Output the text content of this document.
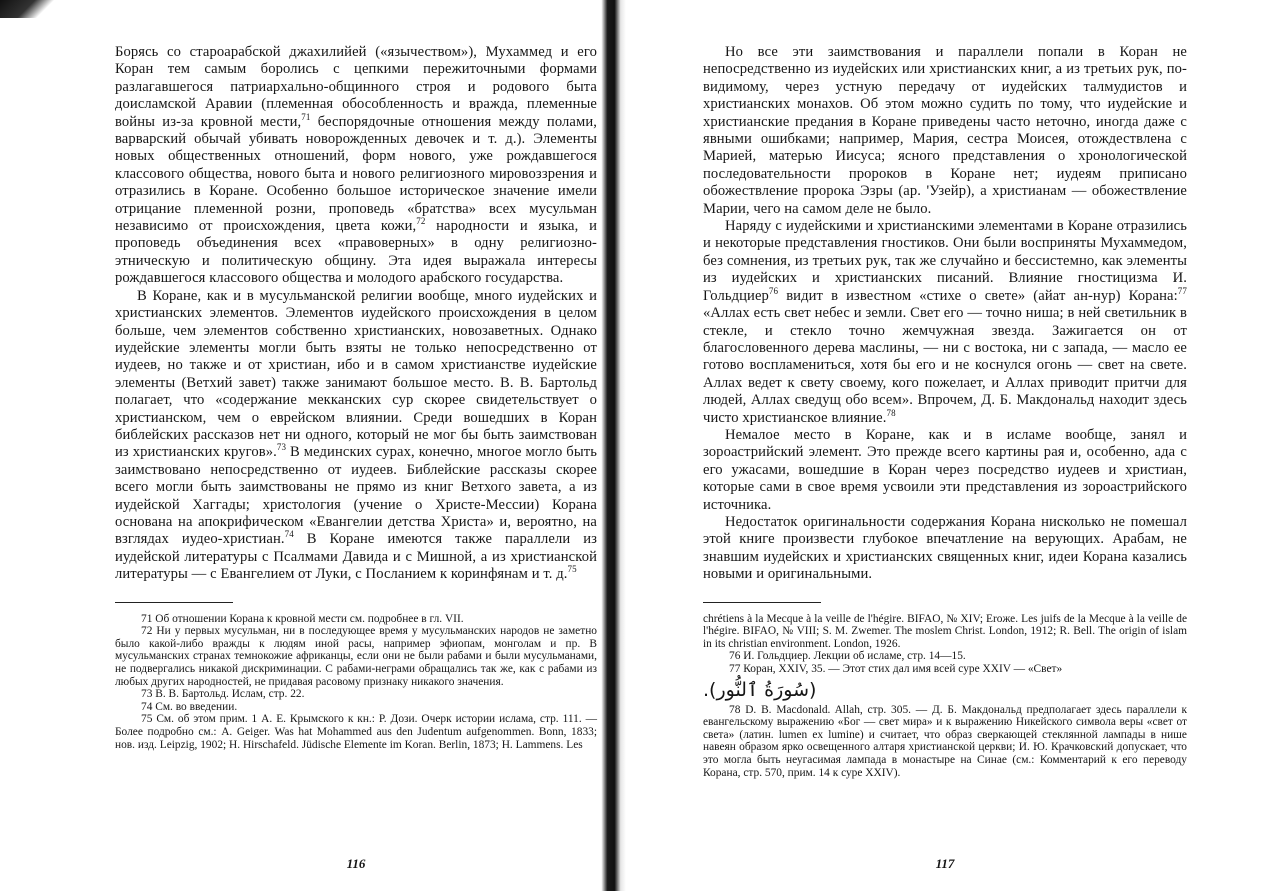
Борясь со староарабской джахилийей («язычеством»), Мухаммед и его Коран тем самым боролись с цепкими пережиточными формами разлагавшегося патриархально-общинного строя и родового быта доисламской Аравии (племенная обособленность и вражда, племенные войны из-за кровной мести,$^{71}$ беспорядочные отношения между полами, варварский обычай убивать новорожденных девочек и т. д.). Элементы новых общественных отношений, форм нового, уже рождавшегося классового общества, нового быта и нового религиозного мировоззрения и отразились в Коране. Особенно большое историческое значение имели отрицание племенной розни, проповедь «братства» всех мусульман независимо от происхождения, цвета кожи,$^{72}$ народности и языка, и проповедь объединения всех «правоверных» в одну религиозно-этническую и политическую общину. Эта идея выражала интересы рождавшегося классового общества и молодого арабского государства.

В Коране, как и в мусульманской религии вообще, много иудейских и христианских элементов. Элементов иудейского происхождения в целом больше, чем элементов собственно христианских, новозаветных. Однако иудейские элементы могли быть взяты не только непосредственно от иудеев, но также и от христиан, ибо и в самом христианстве иудейские элементы (Ветхий завет) также занимают большое место. В. В. Бартольд полагает, что «содержание мекканских сур скорее свидетельствует о христианском, чем о еврейском влиянии. Среди вошедших в Коран библейских рассказов нет ни одного, который не мог бы быть заимствован из христианских кругов».$^{73}$ В мединских сурах, конечно, многое могло быть заимствовано непосредственно от иудеев. Библейские рассказы скорее всего могли быть заимствованы не прямо из книг Ветхого завета, а из иудейской Хаггады; христология (учение о Христе-Мессии) Корана основана на апокрифическом «Евангелии детства Христа» и, вероятно, на взглядах иудео-христиан.$^{74}$ В Коране имеются также параллели из иудейской литературы с Псалмами Давида и с Мишной, а из христианской литературы — с Евангелием от Луки, с Посланием к коринфянам и т. д.$^{75}$

71 Об отношении Корана к кровной мести см. подробнее в гл. VII.

72 Ни у первых мусульман, ни в последующее время у мусульманских народов не заметно было какой-либо вражды к людям иной расы, например эфиопам, монголам и пр. В мусульманских странах темнокожие африканцы, если они не были рабами и были мусульманами, не подвергались никакой дискриминации. С рабами-неграми обращались так же, как с рабами из любых других народностей, не придавая расовому признаку никакого значения.

73 В. В. Бартольд. Ислам, стр. 22.

74 См. во введении.

75 См. об этом прим. 1 А. Е. Крымского к кн.: Р. Дози. Очерк истории ислама, стр. 111. — Более подробно см.: A. Geiger. Was hat Mohammed aus den Judentum aufgenommen. Bonn, 1833; нов. изд. Leipzig, 1902; H. Hirschafeld. Jüdische Elemente im Koran. Berlin, 1873; H. Lammens. Les

116

Но все эти заимствования и параллели попали в Коран не непосредственно из иудейских или христианских книг, а из третьих рук, по-видимому, через устную передачу от иудейских талмудистов и христианских монахов. Об этом можно судить по тому, что иудейские и христианские предания в Коране приведены часто неточно, иногда даже с явными ошибками; например, Мария, сестра Моисея, отождествлена с Марией, матерью Иисуса; ясного представления о хронологической последовательности пророков в Коране нет; иудеям приписано обожествление пророка Эзры (ар. 'Узейр), а христианам — обожествление Марии, чего на самом деле не было.

Наряду с иудейскими и христианскими элементами в Коране отразились и некоторые представления гностиков. Они были восприняты Мухаммедом, без сомнения, из третьих рук, так же случайно и бессистемно, как элементы из иудейских и христианских писаний. Влияние гностицизма И. Гольдциер$^{76}$ видит в известном «стихе о свете» (айат ан-нур) Корана:$^{77}$ «Аллах есть свет небес и земли. Свет его — точно ниша; в ней светильник в стекле, и стекло точно жемчужная звезда. Зажигается он от благословенного дерева маслины, — ни с востока, ни с запада, — масло ее готово воспламениться, хотя бы его и не коснулся огонь — свет на свете. Аллах ведет к свету своему, кого пожелает, и Аллах приводит притчи для людей, Аллах сведущ обо всем». Впрочем, Д. Б. Макдональд находит здесь чисто христианское влияние.$^{78}$

Немалое место в Коране, как и в исламе вообще, занял и зороастрийский элемент. Это прежде всего картины рая и, особенно, ада с его ужасами, вошедшие в Коран через посредство иудеев и христиан, которые сами в свое время усвоили эти представления из зороастрийского источника.

Недостаток оригинальности содержания Корана нисколько не помешал этой книге произвести глубокое впечатление на верующих. Арабам, не знавшим иудейских и христианских священных книг, идеи Корана казались новыми и оригинальными.

chrétiens à la Mecque à la veille de l'hégire. BIFAO, № XIV; Eroже. Les juifs de la Mecque à la veille de l'hégire. BIFAO, № VIII; S. M. Zwemer. The moslem Christ. London, 1912; R. Bell. The origin of islam in its christian environment. London, 1926.

76 И. Гольдциер. Лекции об исламе, стр. 14—15.

77 Коран, XXIV, 35. — Этот стих дал имя всей суре XXIV — «Свет»

(سُورَةُ ٱلنُّور).

78 D. B. Macdonald. Allah, стр. 305. — Д. Б. Макдональд предполагает здесь параллели к евангельскому выражению «Бог — свет мира» и к выражению Никейского символа веры «свет от света» (латин. lumen ex lumine) и считает, что образ сверкающей стеклянной лампады в нише навеян образом ярко освещенного алтаря христианской церкви; И. Ю. Крачковский допускает, что это могла быть неугасимая лампада в монастыре на Синае (см.: Комментарий к его переводу Корана, стр. 570, прим. 14 к суре XXIV).

117
